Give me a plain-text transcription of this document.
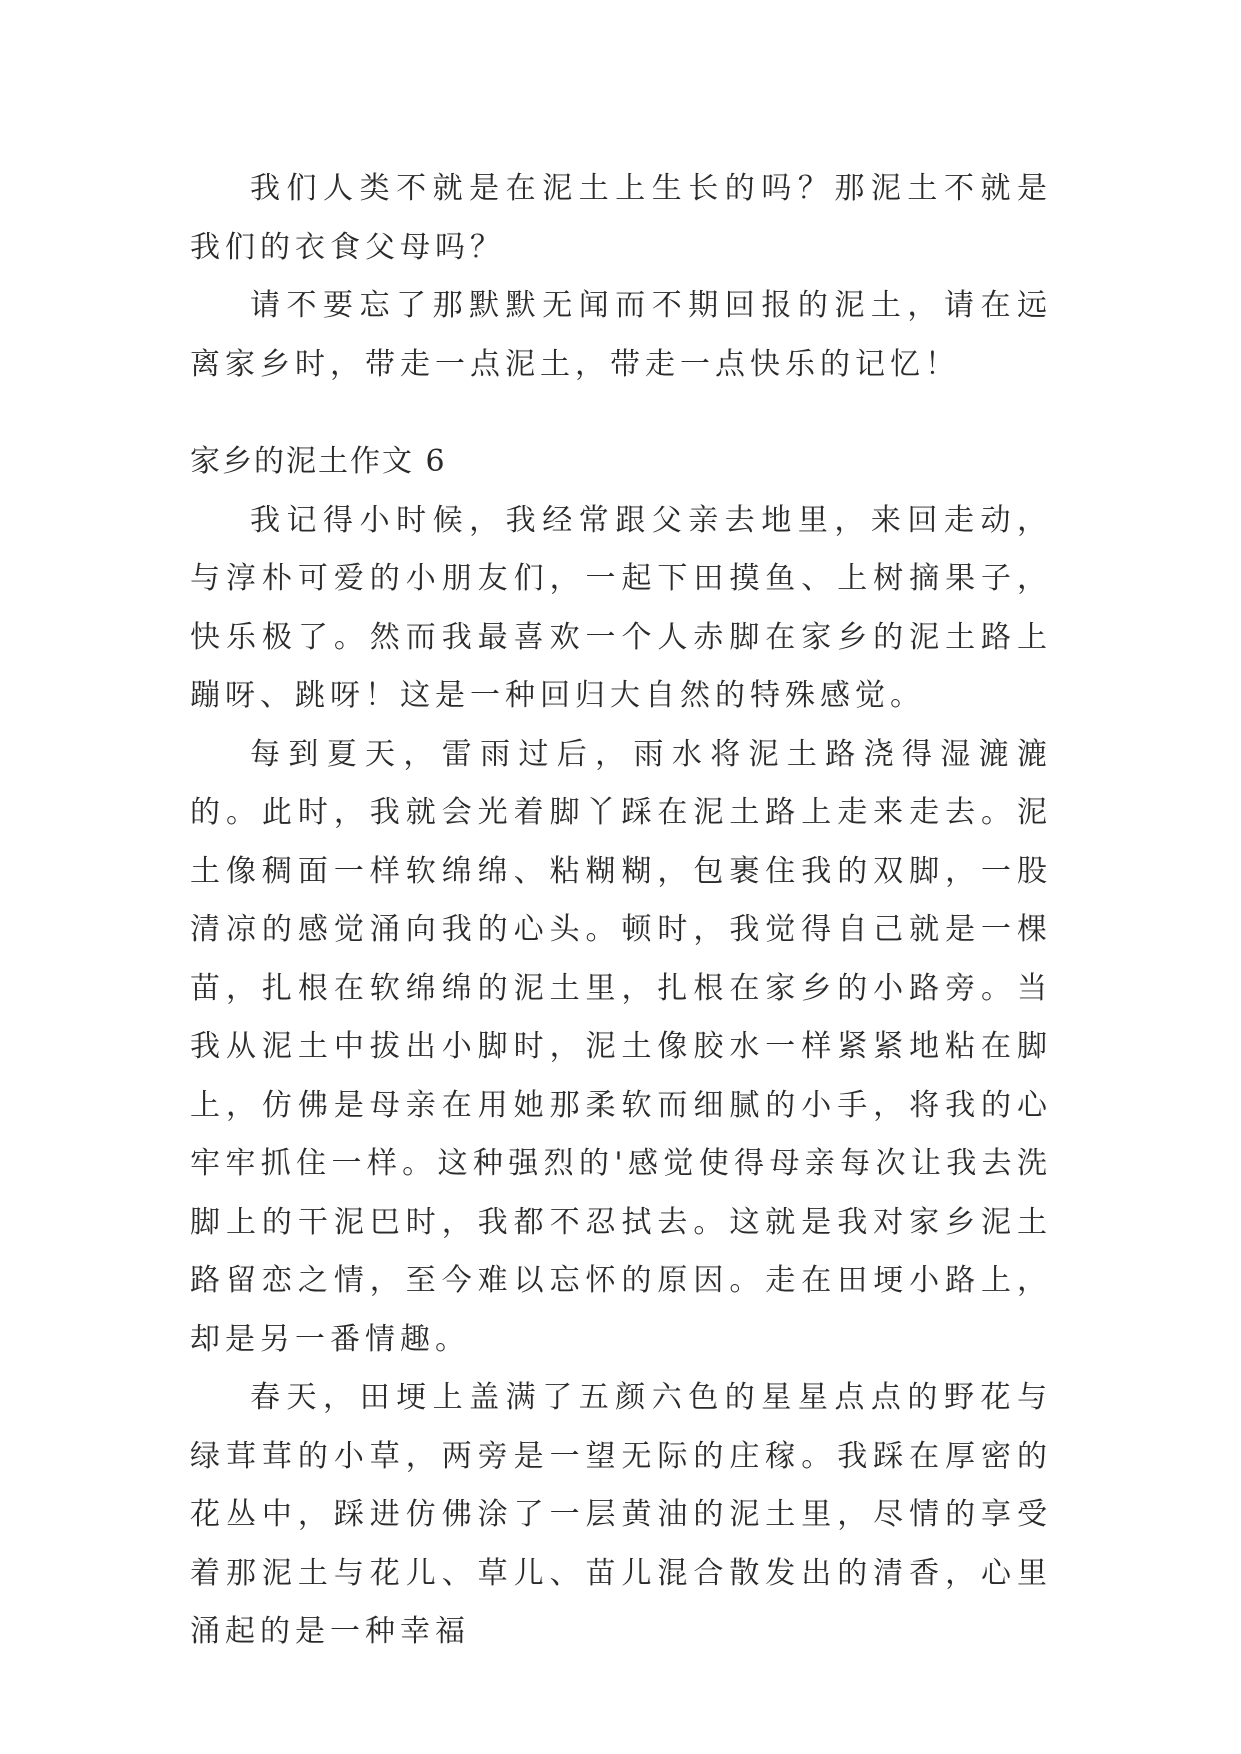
我们人类不就是在泥土上生长的吗？那泥土不就是我们的衣食父母吗？

请不要忘了那默默无闻而不期回报的泥土，请在远离家乡时，带走一点泥土，带走一点快乐的记忆！

家乡的泥土作文 6

我记得小时候，我经常跟父亲去地里，来回走动，与淳朴可爱的小朋友们，一起下田摸鱼、上树摘果子，快乐极了。然而我最喜欢一个人赤脚在家乡的泥土路上蹦呀、跳呀！这是一种回归大自然的特殊感觉。

每到夏天，雷雨过后，雨水将泥土路浇得湿漉漉的。此时，我就会光着脚丫踩在泥土路上走来走去。泥土像稠面一样软绵绵、粘糊糊，包裹住我的双脚，一股清凉的感觉涌向我的心头。顿时，我觉得自己就是一棵苗，扎根在软绵绵的泥土里，扎根在家乡的小路旁。当我从泥土中拔出小脚时，泥土像胶水一样紧紧地粘在脚上，仿佛是母亲在用她那柔软而细腻的小手，将我的心牢牢抓住一样。这种强烈的'感觉使得母亲每次让我去洗脚上的干泥巴时，我都不忍拭去。这就是我对家乡泥土路留恋之情，至今难以忘怀的原因。走在田埂小路上，却是另一番情趣。

春天，田埂上盖满了五颜六色的星星点点的野花与绿茸茸的小草，两旁是一望无际的庄稼。我踩在厚密的花丛中，踩进仿佛涂了一层黄油的泥土里，尽情的享受着那泥土与花儿、草儿、苗儿混合散发出的清香，心里涌起的是一种幸福
